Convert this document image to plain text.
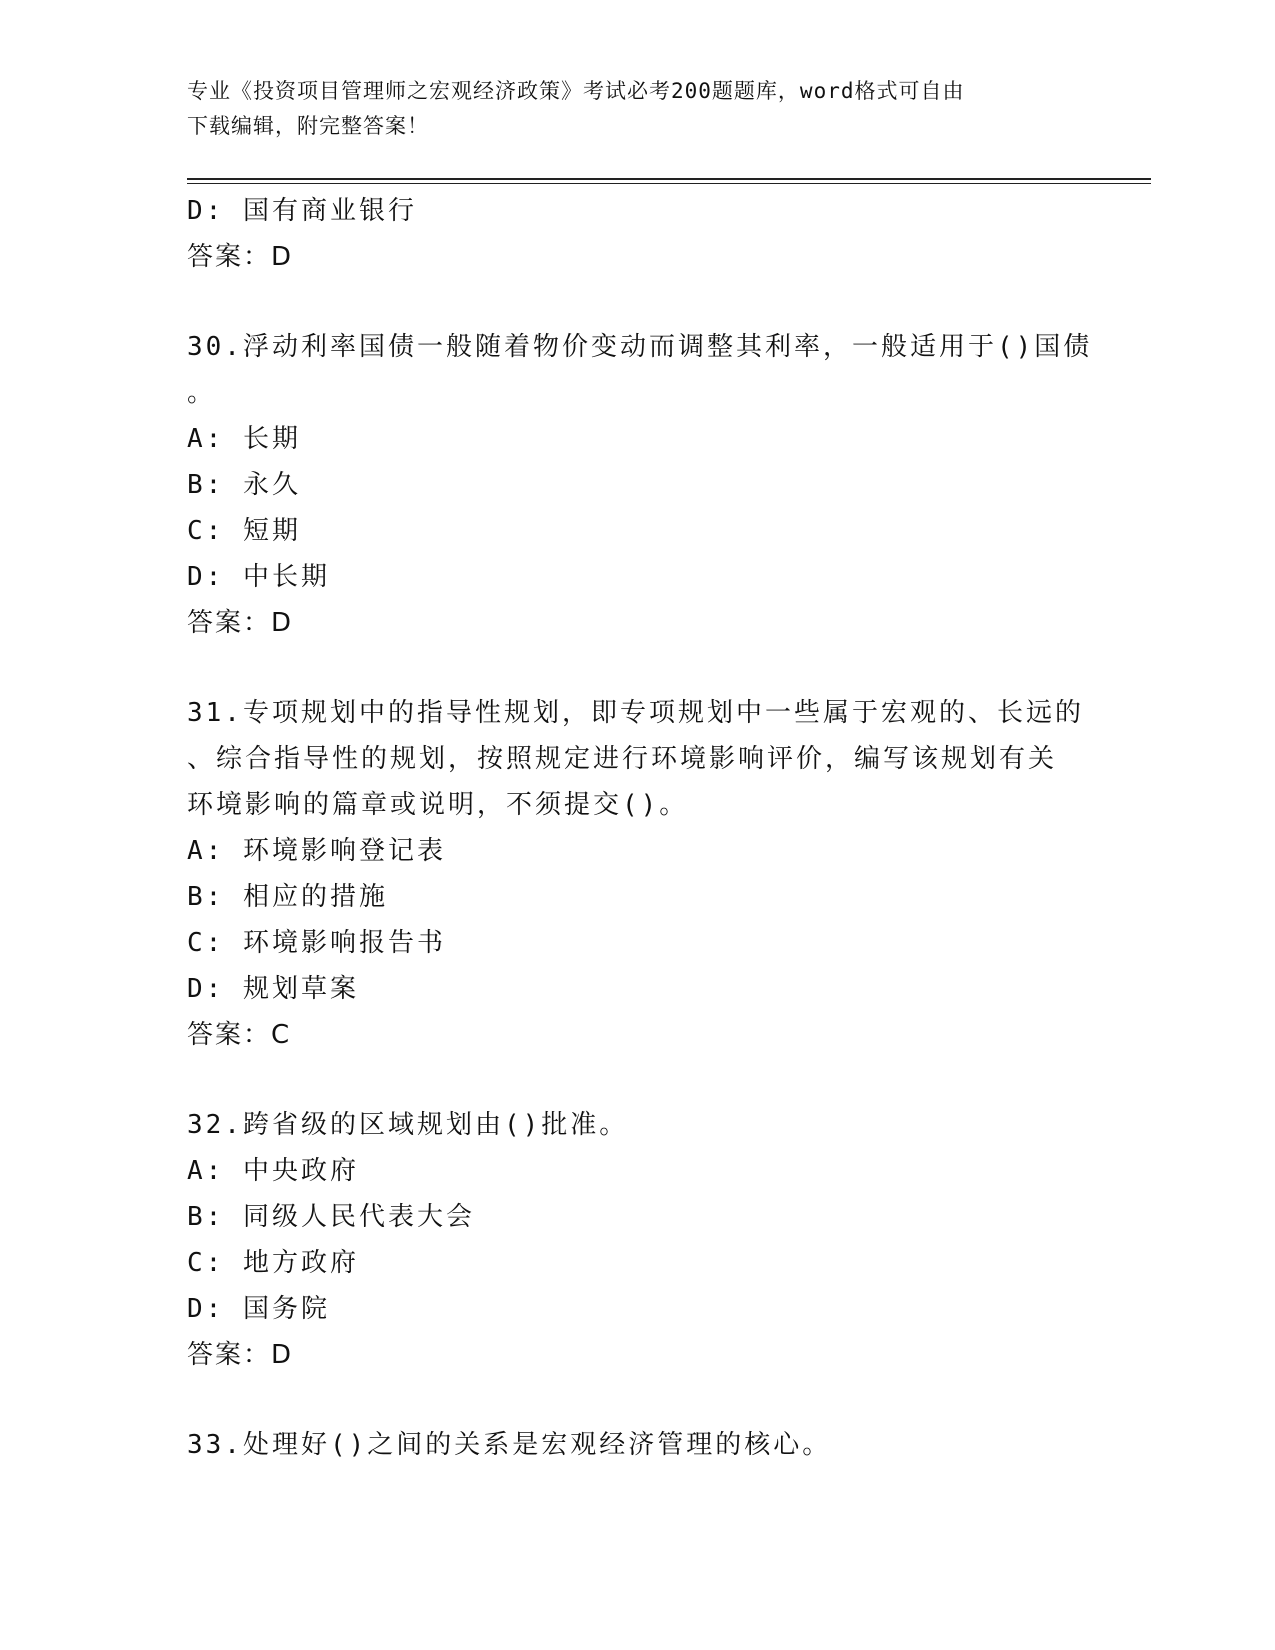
专业《投资项目管理师之宏观经济政策》考试必考200题题库，word格式可自由
下载编辑，附完整答案！
D: 国有商业银行
答案：D
30.浮动利率国债一般随着物价变动而调整其利率，一般适用于()国债
。
A: 长期
B: 永久
C: 短期
D: 中长期
答案：D
31.专项规划中的指导性规划，即专项规划中一些属于宏观的、长远的
、综合指导性的规划，按照规定进行环境影响评价，编写该规划有关
环境影响的篇章或说明，不须提交()。
A: 环境影响登记表
B: 相应的措施
C: 环境影响报告书
D: 规划草案
答案：C
32.跨省级的区域规划由()批准。
A: 中央政府
B: 同级人民代表大会
C: 地方政府
D: 国务院
答案：D
33.处理好()之间的关系是宏观经济管理的核心。
